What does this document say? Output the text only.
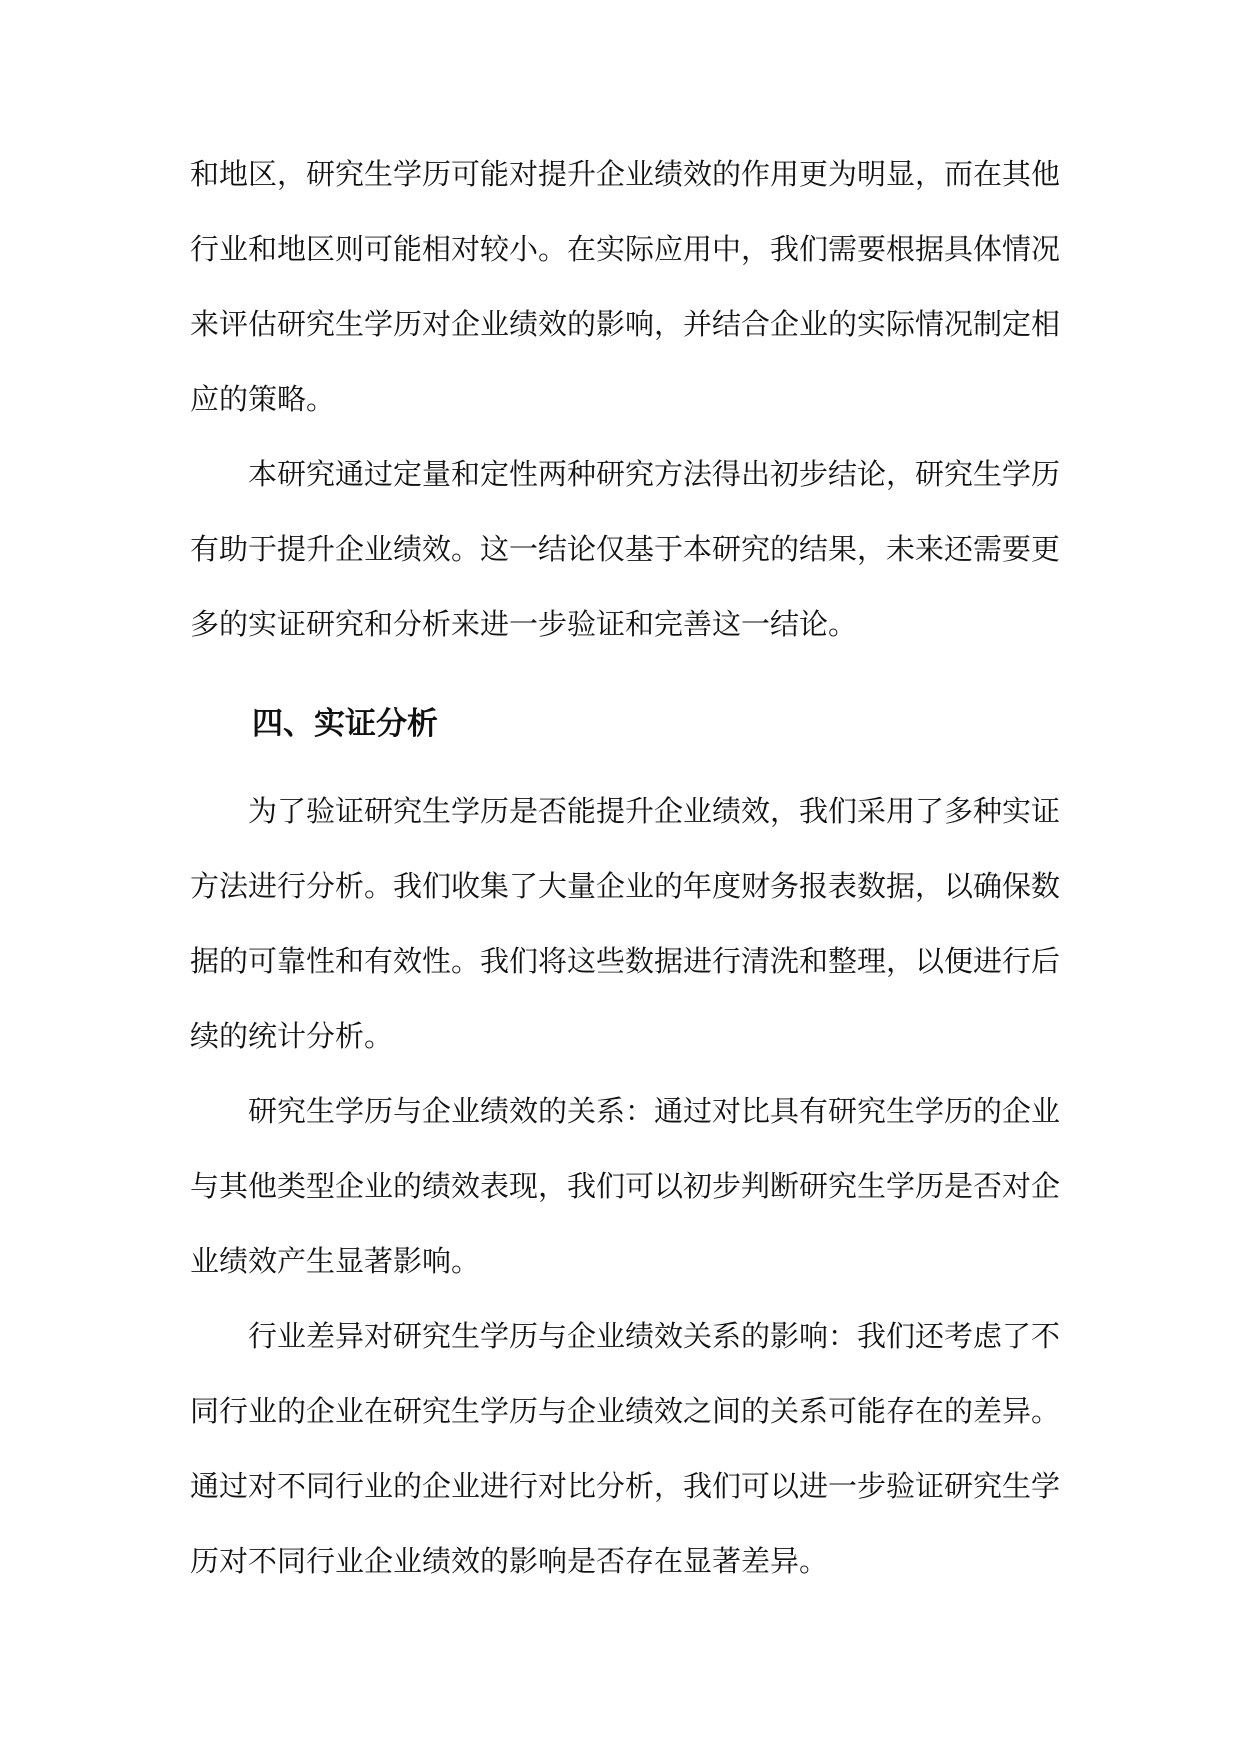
和地区，研究生学历可能对提升企业绩效的作用更为明显，而在其他行业和地区则可能相对较小。在实际应用中，我们需要根据具体情况来评估研究生学历对企业绩效的影响，并结合企业的实际情况制定相应的策略。

本研究通过定量和定性两种研究方法得出初步结论，研究生学历有助于提升企业绩效。这一结论仅基于本研究的结果，未来还需要更多的实证研究和分析来进一步验证和完善这一结论。

四、实证分析

为了验证研究生学历是否能提升企业绩效，我们采用了多种实证方法进行分析。我们收集了大量企业的年度财务报表数据，以确保数据的可靠性和有效性。我们将这些数据进行清洗和整理，以便进行后续的统计分析。

研究生学历与企业绩效的关系：通过对比具有研究生学历的企业与其他类型企业的绩效表现，我们可以初步判断研究生学历是否对企业绩效产生显著影响。

行业差异对研究生学历与企业绩效关系的影响：我们还考虑了不同行业的企业在研究生学历与企业绩效之间的关系可能存在的差异。通过对不同行业的企业进行对比分析，我们可以进一步验证研究生学历对不同行业企业绩效的影响是否存在显著差异。
